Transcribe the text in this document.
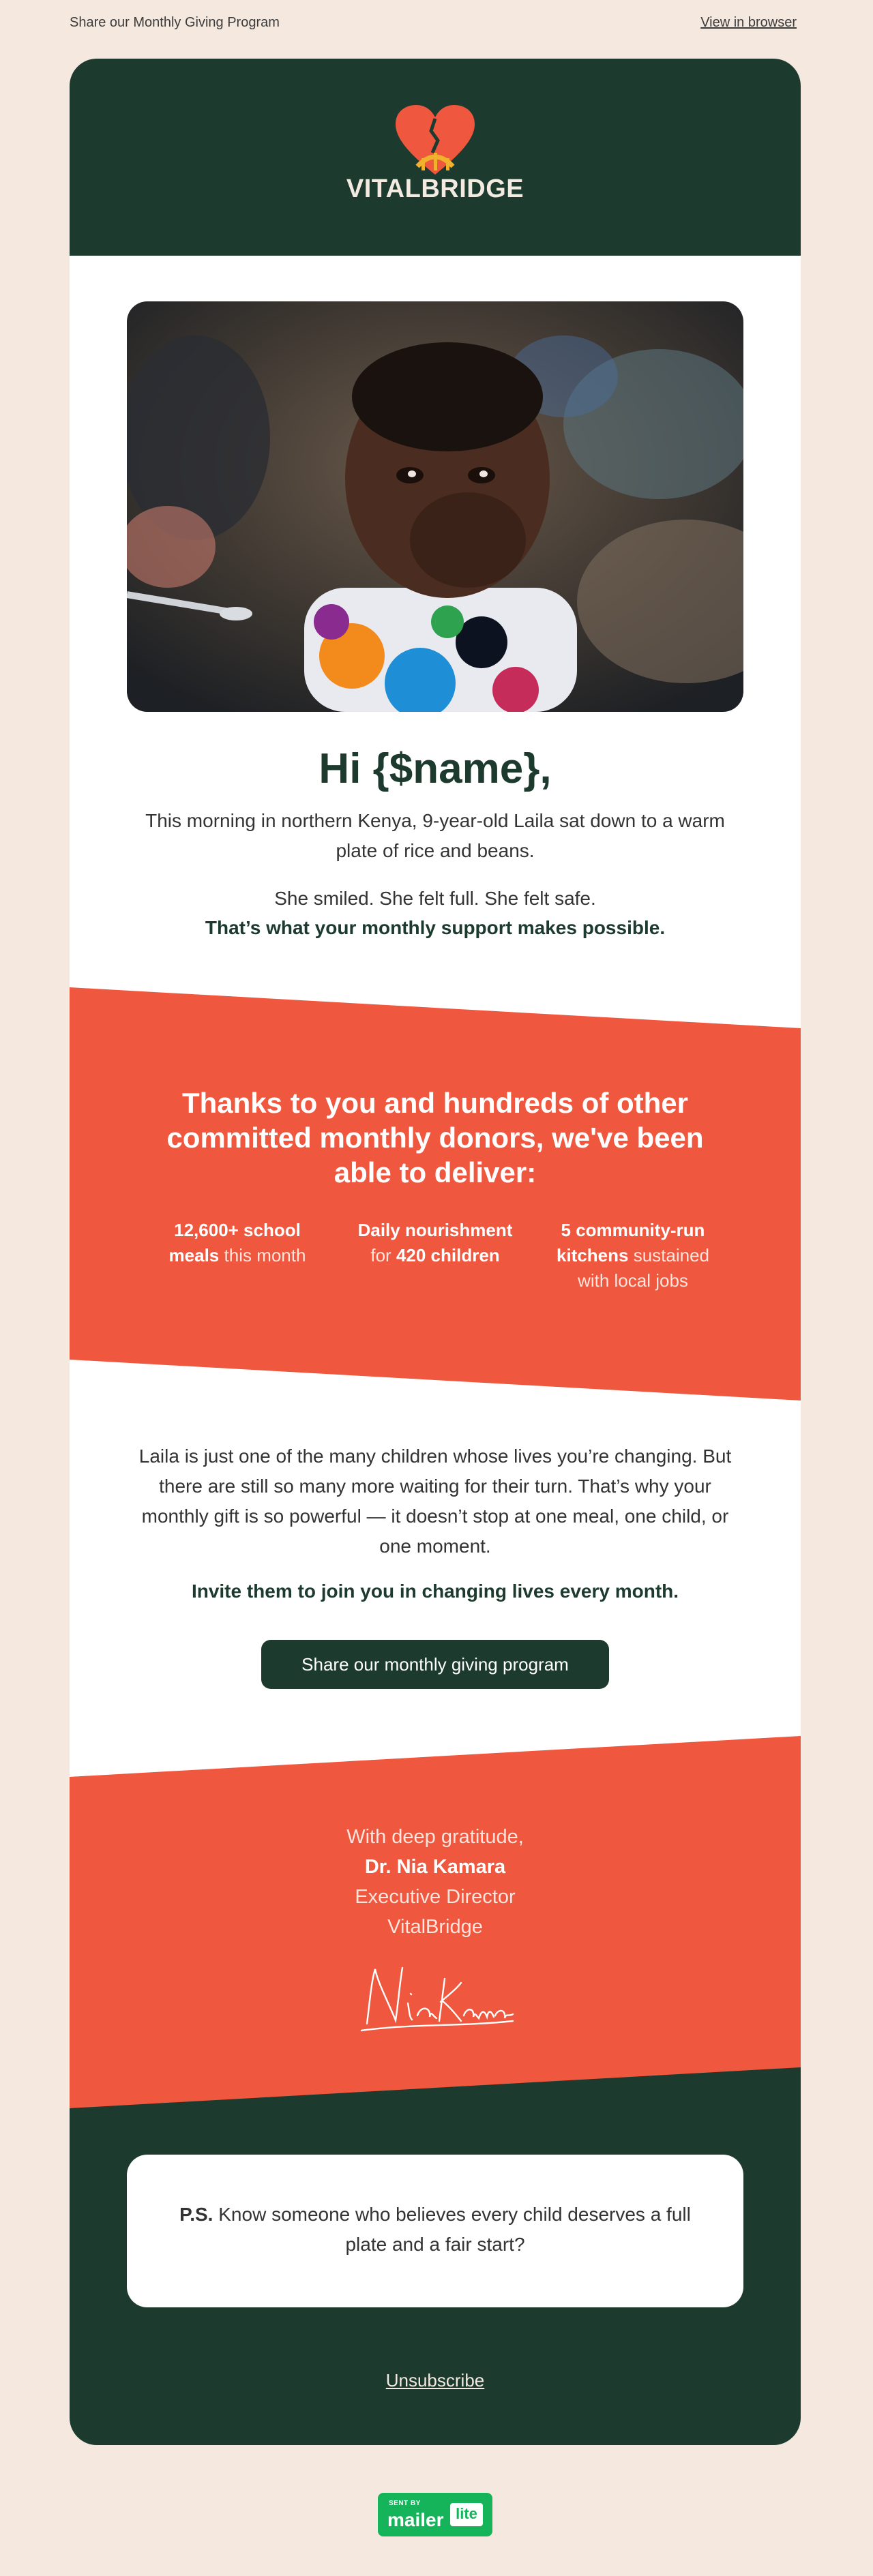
Share our Monthly Giving Program	View in browser
VITALBRIDGE
Hi {$name},

This morning in northern Kenya, 9-year-old Laila sat down to a warm plate of rice and beans.

She smiled. She felt full. She felt safe.

That’s what your monthly support makes possible.

Thanks to you and hundreds of other committed monthly donors, we've been able to deliver:
12,600+ school meals this month
Daily nourishment for 420 children
5 community-run kitchens sustained with local jobs

Laila is just one of the many children whose lives you’re changing. But there are still so many more waiting for their turn. That’s why your monthly gift is so powerful — it doesn’t stop at one meal, one child, or one moment.

Invite them to join you in changing lives every month.

Share our monthly giving program
With deep gratitude,
Dr. Nia Kamara
Executive Director
VitalBridge

P.S. Know someone who believes every child deserves a full plate and a fair start?

Unsubscribe
SENT BY
mailer lite
